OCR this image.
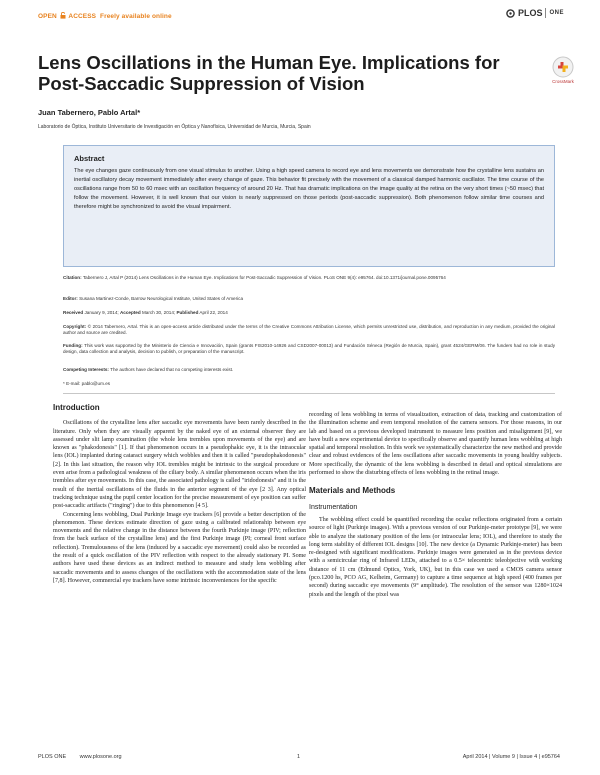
OPEN ACCESS Freely available online	PLOS ONE
Lens Oscillations in the Human Eye. Implications for Post-Saccadic Suppression of Vision	CrossMark
Juan Tabernero, Pablo Artal*
Laboratorio de Óptica, Instituto Universitario de Investigación en Óptica y Nanofísica, Universidad de Murcia, Murcia, Spain
Abstract

The eye changes gaze continuously from one visual stimulus to another. Using a high speed camera to record eye and lens movements we demonstrate how the crystalline lens sustains an inertial oscillatory decay movement immediately after every change of gaze. This behavior fit precisely with the movement of a classical damped harmonic oscillator. The time course of the oscillations range from 50 to 60 msec with an oscillation frequency of around 20 Hz. That has dramatic implications on the image quality at the retina on the very short times (~50 msec) that follow the movement. However, it is well known that our vision is nearly suppressed on those periods (post-saccadic suppression). Both phenomenon follow similar time courses and therefore might be synchronized to avoid the visual impairment.

Citation: Tabernero J, Artal P (2014) Lens Oscillations in the Human Eye. Implications for Post-Saccadic Suppression of Vision. PLoS ONE 9(4): e95764. doi:10.1371/journal.pone.0095764
Editor: Susana Martinez-Conde, Barrow Neurological Institute, United States of America
Received January 9, 2014; Accepted March 30, 2014; Published April 22, 2014
Copyright: © 2014 Tabernero, Artal. This is an open-access article distributed under the terms of the Creative Commons Attribution License, which permits unrestricted use, distribution, and reproduction in any medium, provided the original author and source are credited.
Funding: This work was supported by the Ministerio de Ciencia e Innovación, Spain (grants FIS2010-14926 and CSD2007-00013) and Fundación Séneca (Región de Murcia, Spain), grant 4524/GERM/06. The funders had no role in study design, data collection and analysis, decision to publish, or preparation of the manuscript.
Competing Interests: The authors have declared that no competing interests exist.
* E-mail: pablo@um.es
Introduction

Oscillations of the crystalline lens after saccadic eye movements have been rarely described in the literature. Only when they are visually apparent by the naked eye of an external observer they are assessed under slit lamp examination (the whole lens trembles upon movements of the eye) and are known as "phakodonesis" [1]. If that phenomenon occurs in a pseudophakic eye, it is the intraocular lens (IOL) implanted during cataract surgery which wobbles and then it is called "pseudophakodonesis" [2]. In this last situation, the reason why IOL trembles might be intrinsic to the surgical procedure or even arise from a pathological weakness of the ciliary body. A similar phenomenon occurs when the iris trembles after eye movements. In this case, the associated pathology is called "iridodonesis" and it is the result of the inertial oscillations of the fluids in the anterior segment of the eye [2 3]. Any optical tracking technique using the pupil center location for the precise measurement of eye position can suffer post-saccadic artifacts ("ringing") due to this phenomenon [4 5].

Concerning lens wobbling, Dual Purkinje Image eye trackers [6] provide a better description of the phenomenon. These devices estimate direction of gaze using a calibrated relationship between eye movements and the relative change in the distance between the fourth Purkinje image (PIV; reflection from the back surface of the crystalline lens) and the first Purkinje image (PI; corneal front surface reflection). Tremulousness of the lens (induced by a saccadic eye movement) could also be recorded as the result of a quick oscillation of the PIV reflection with respect to the already stationary PI. Some authors have used these devices as an indirect method to measure and study lens wobbling after saccadic movements and to assess changes of the oscillations with the accommodation state of the lens [7,8]. However, commercial eye trackers have some intrinsic inconveniences for the specific

recording of lens wobbling in terms of visualization, extraction of data, tracking and customization of the illumination scheme and even temporal resolution of the camera sensors. For those reasons, in our lab and based on a previous developed instrument to measure lens position and misalignment [9], we have built a new experimental device to specifically observe and quantify human lens wobbling at high spatial and temporal resolution. In this work we systematically characterize the new method and provide clear and robust evidences of the lens oscillations after saccadic movements in young healthy subjects. More specifically, the dynamic of the lens wobbling is described in detail and optical simulations are performed to show the disturbing effects of lens wobbling in the retinal image.

Materials and Methods
Instrumentation

The wobbling effect could be quantified recording the ocular reflections originated from a certain source of light (Purkinje images). With a previous version of our Purkinje-meter prototype [9], we were able to analyze the stationary position of the lens (or intraocular lens; IOL), and therefore to study the long term stability of different IOL designs [10]. The new device (a Dynamic Purkinje-meter) has been re-designed with significant modifications. Purkinje images were generated as in the previous device with a semicircular ring of Infrared LEDs, attached to a 0.5× telecentric teleobjective with working distance of 11 cm (Edmund Optics, York, UK), but in this case we used a CMOS camera sensor (pco.1200 hs, PCO AG, Kelheim, Germany) to capture a time sequence at high speed (400 frames per second) during saccadic eye movements (9° amplitude). The resolution of the sensor was 1280×1024 pixels and the length of the pixel was

PLOS ONE www.plosone.org	1	April 2014 | Volume 9 | Issue 4 | e95764
